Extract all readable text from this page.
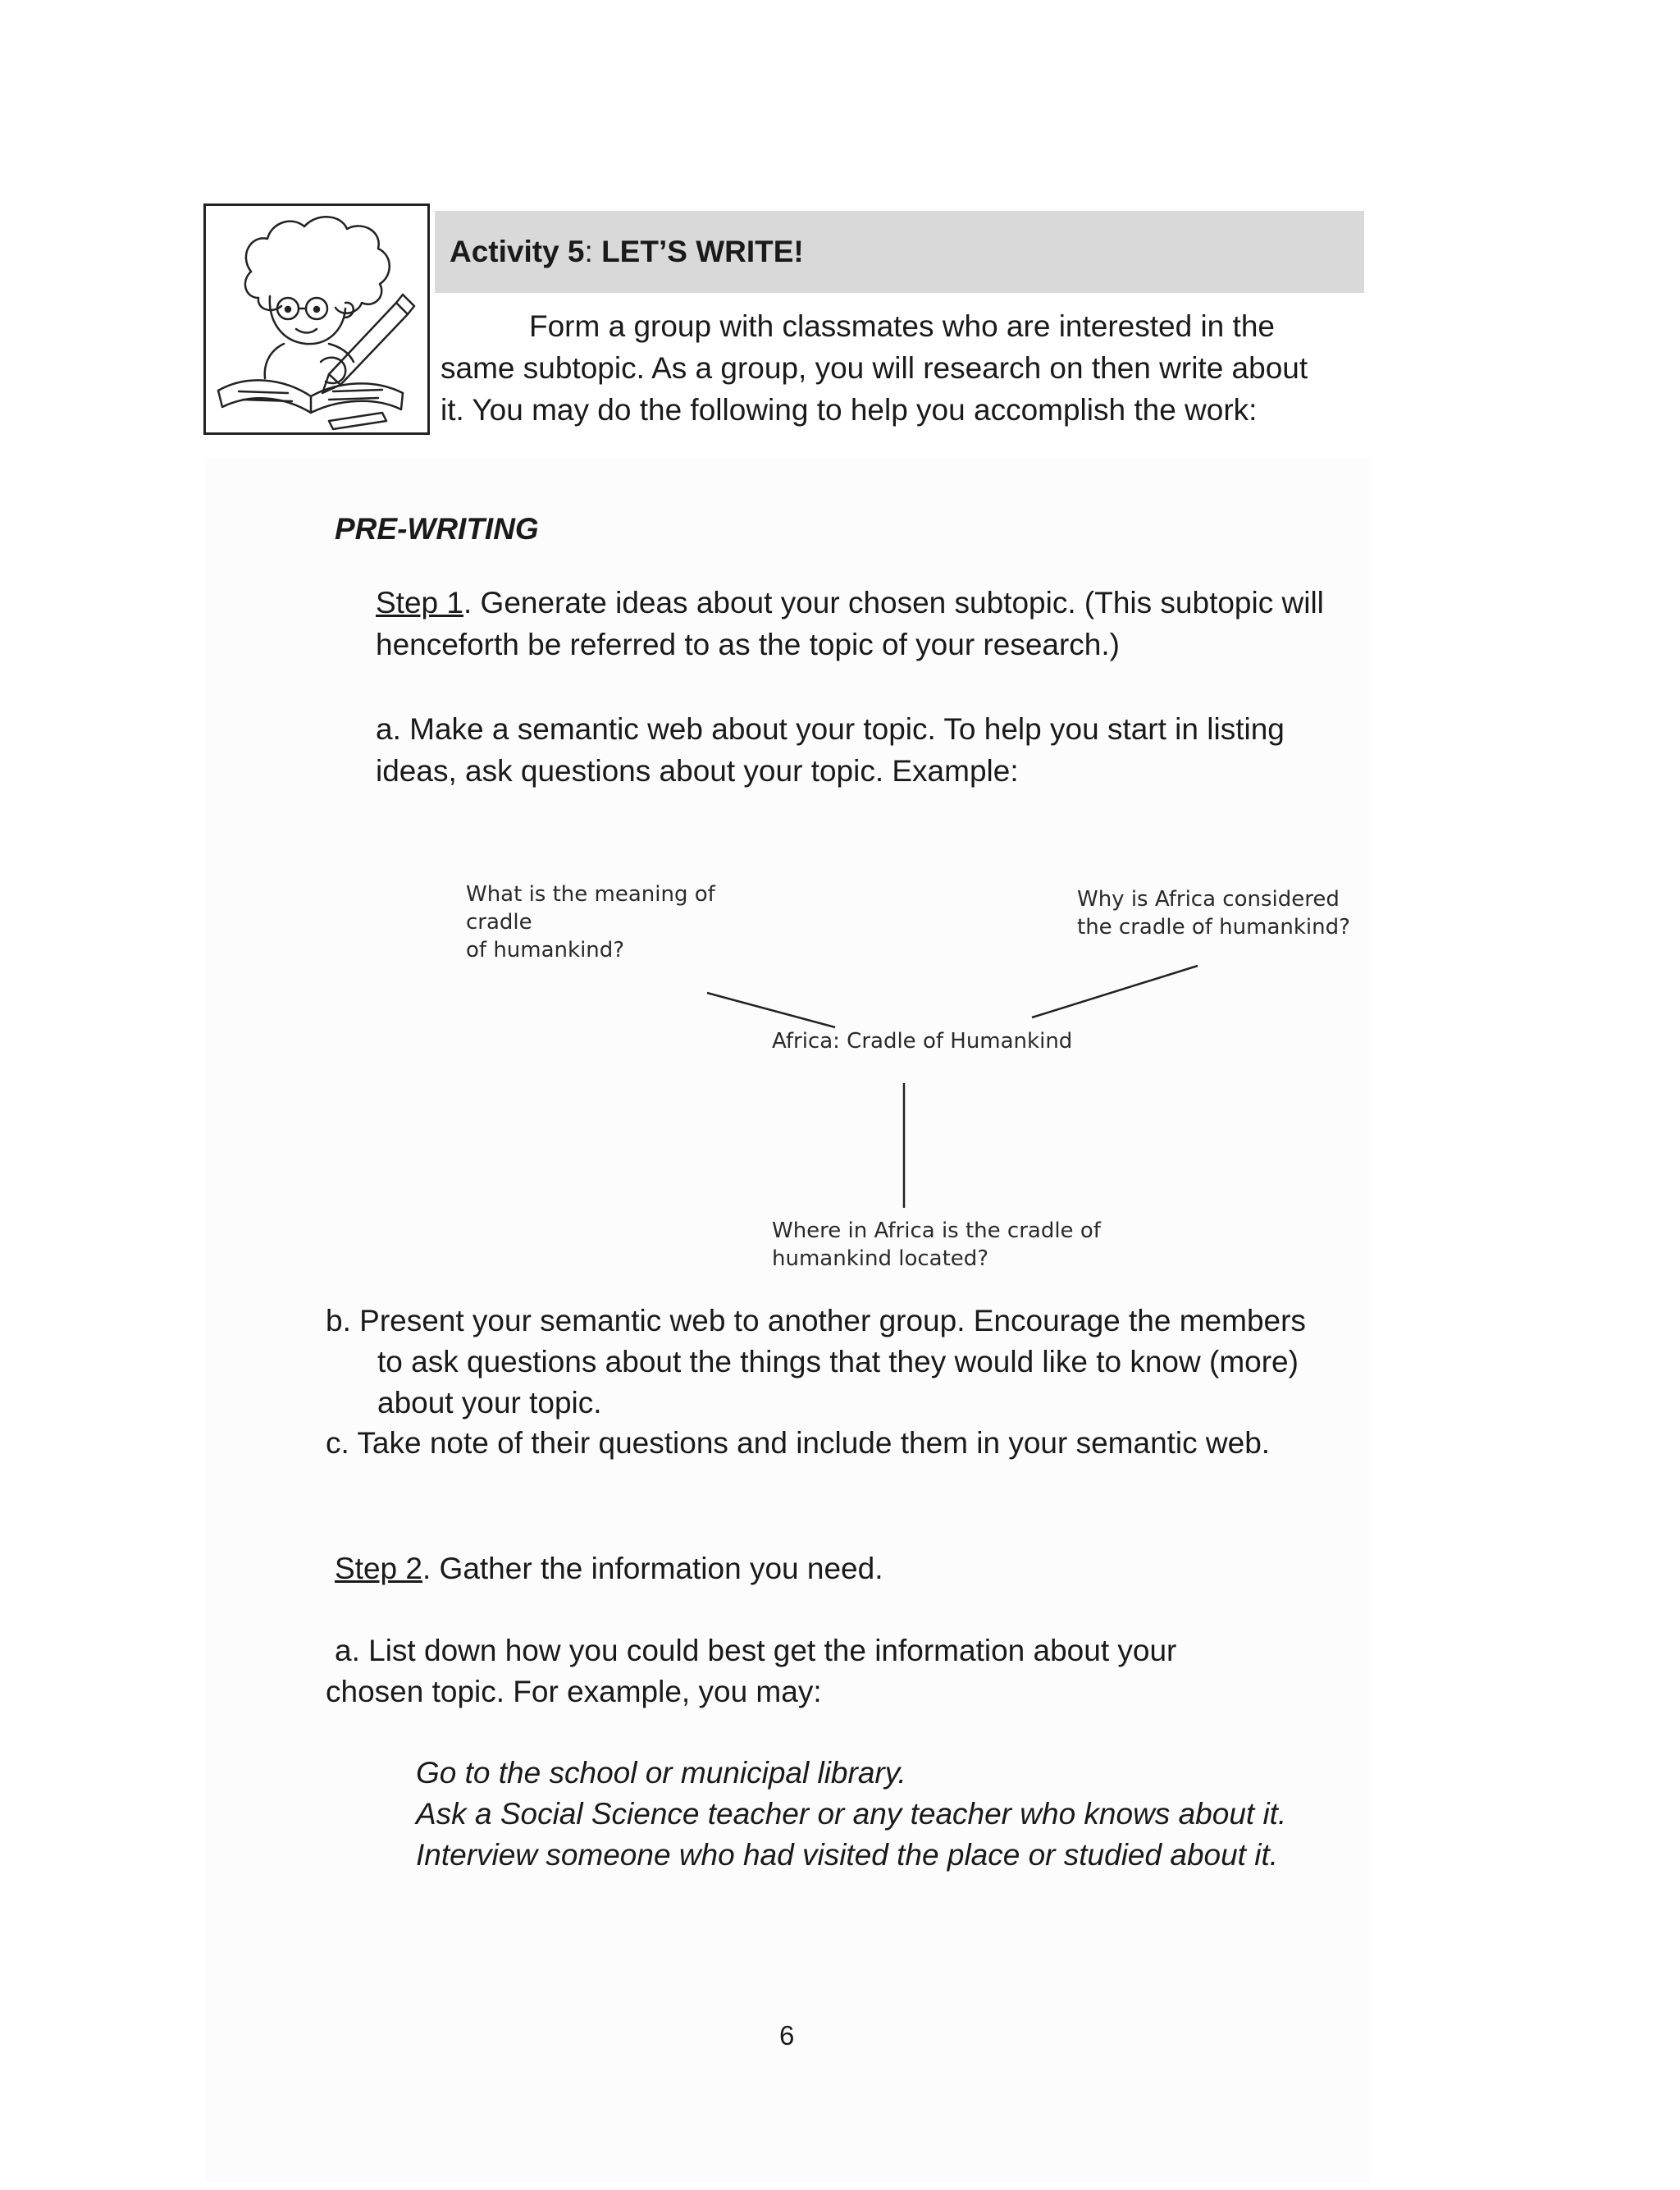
Activity 5: LET’S WRITE!
Form a group with classmates who are interested in the
same subtopic. As a group, you will research on then write about
it. You may do the following to help you accomplish the work:
PRE-WRITING
Step 1. Generate ideas about your chosen subtopic. (This subtopic will
henceforth be referred to as the topic of your research.)
a. Make a semantic web about your topic. To help you start in listing
ideas, ask questions about your topic. Example:
What is the meaning of
cradle
of humankind?
Why is Africa considered
the cradle of humankind?
Africa: Cradle of Humankind
Where in Africa is the cradle of
humankind located?
b. Present your semantic web to another group. Encourage the members
to ask questions about the things that they would like to know (more)
about your topic.
c. Take note of their questions and include them in your semantic web.
Step 2. Gather the information you need.
a. List down how you could best get the information about your
chosen topic. For example, you may:
Go to the school or municipal library.
Ask a Social Science teacher or any teacher who knows about it.
Interview someone who had visited the place or studied about it.
6
